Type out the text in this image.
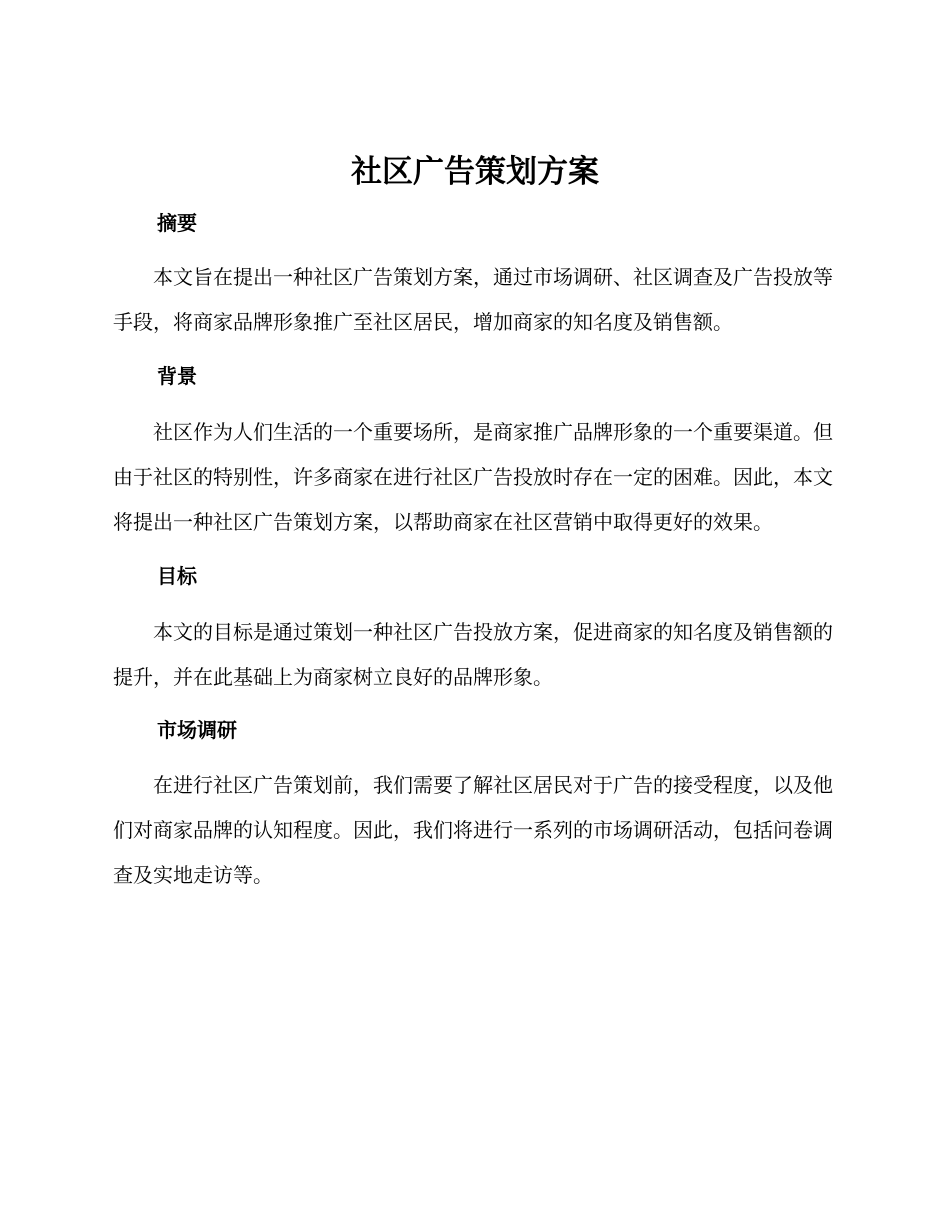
社区广告策划方案
摘要

本文旨在提出一种社区广告策划方案，通过市场调研、社区调查及广告投放等手段，将商家品牌形象推广至社区居民，增加商家的知名度及销售额。

背景

社区作为人们生活的一个重要场所，是商家推广品牌形象的一个重要渠道。但由于社区的特别性，许多商家在进行社区广告投放时存在一定的困难。因此，本文将提出一种社区广告策划方案，以帮助商家在社区营销中取得更好的效果。

目标

本文的目标是通过策划一种社区广告投放方案，促进商家的知名度及销售额的提升，并在此基础上为商家树立良好的品牌形象。

市场调研

在进行社区广告策划前，我们需要了解社区居民对于广告的接受程度，以及他们对商家品牌的认知程度。因此，我们将进行一系列的市场调研活动，包括问卷调查及实地走访等。
